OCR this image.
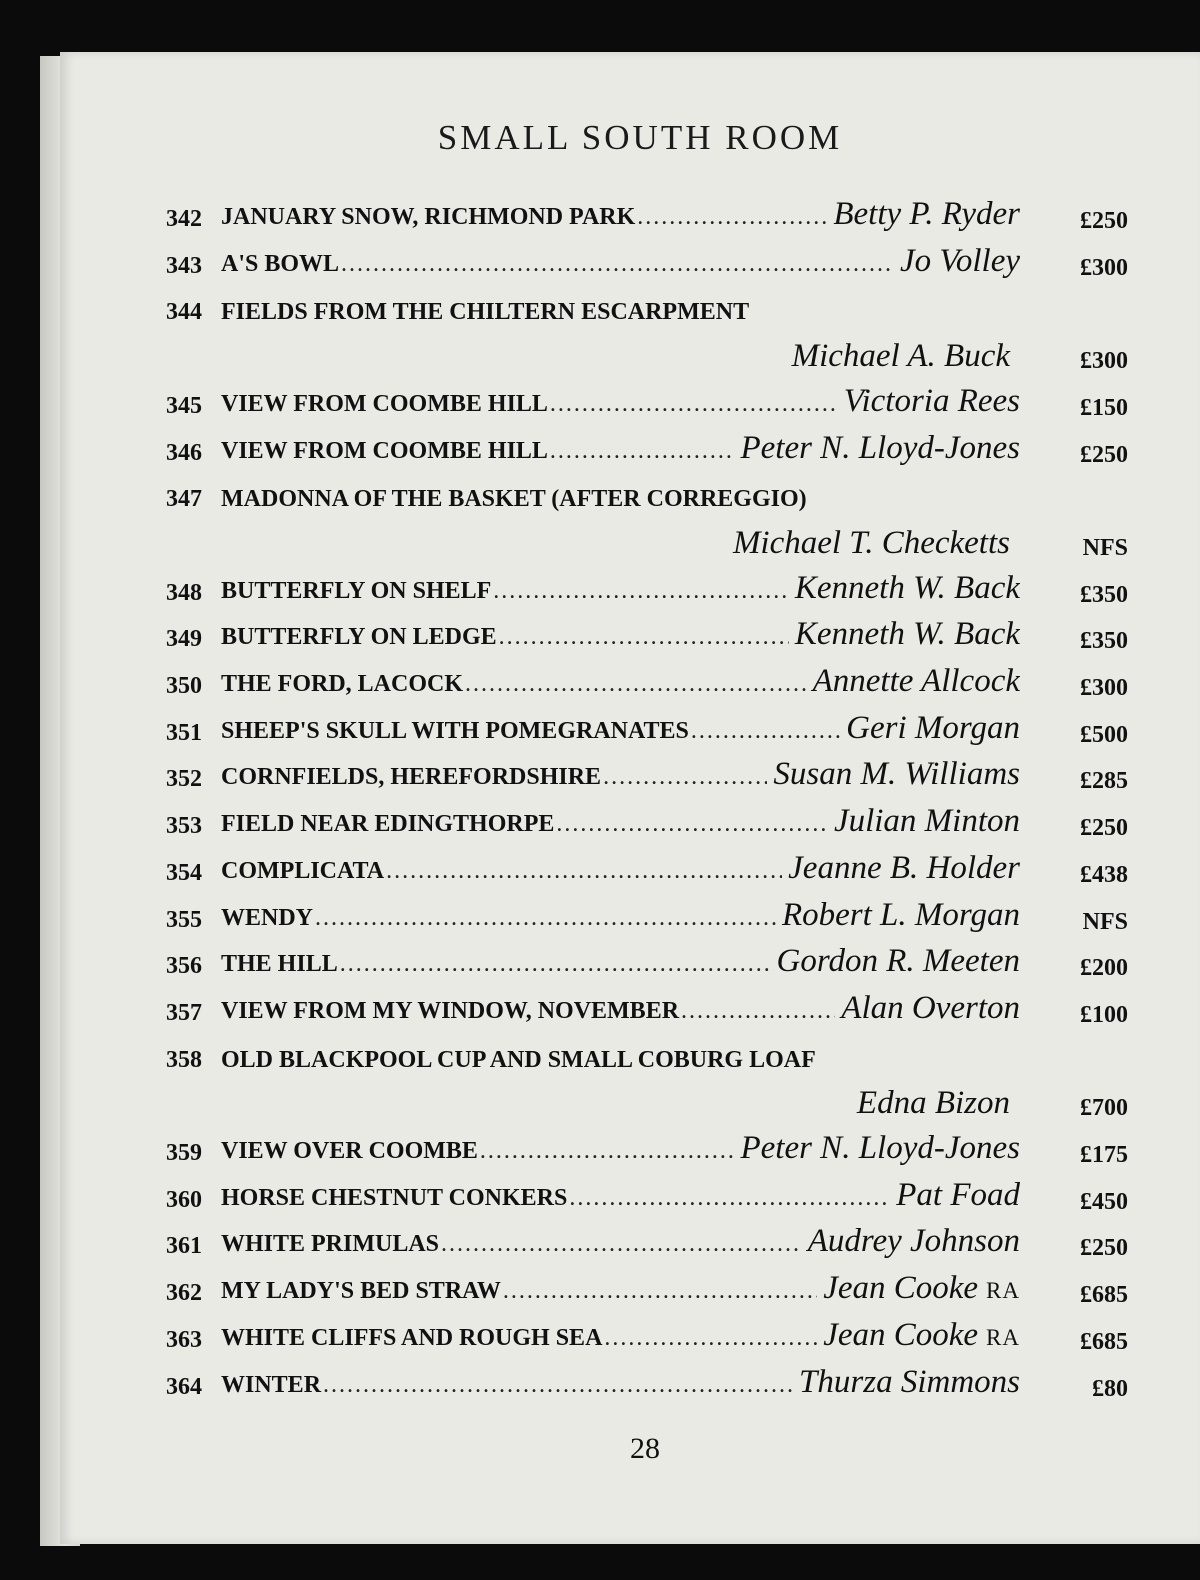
SMALL SOUTH ROOM
342 JANUARY SNOW, RICHMOND PARK .....	Betty P. Ryder	£250
343 A'S BOWL .....	Jo Volley	£300
344 FIELDS FROM THE CHILTERN ESCARPMENT
Michael A. Buck	£300
345 VIEW FROM COOMBE HILL .....	Victoria Rees	£150
346 VIEW FROM COOMBE HILL .....	Peter N. Lloyd-Jones	£250
347 MADONNA OF THE BASKET (AFTER CORREGGIO)
Michael T. Checketts	NFS
348 BUTTERFLY ON SHELF .....	Kenneth W. Back	£350
349 BUTTERFLY ON LEDGE .....	Kenneth W. Back	£350
350 THE FORD, LACOCK .....	Annette Allcock	£300
351 SHEEP'S SKULL WITH POMEGRANATES .....	Geri Morgan	£500
352 CORNFIELDS, HEREFORDSHIRE .....	Susan M. Williams	£285
353 FIELD NEAR EDINGTHORPE .....	Julian Minton	£250
354 COMPLICATA .....	Jeanne B. Holder	£438
355 WENDY .....	Robert L. Morgan	NFS
356 THE HILL .....	Gordon R. Meeten	£200
357 VIEW FROM MY WINDOW, NOVEMBER .....	Alan Overton	£100
358 OLD BLACKPOOL CUP AND SMALL COBURG LOAF
Edna Bizon	£700
359 VIEW OVER COOMBE .....	Peter N. Lloyd-Jones	£175
360 HORSE CHESTNUT CONKERS .....	Pat Foad	£450
361 WHITE PRIMULAS .....	Audrey Johnson	£250
362 MY LADY'S BED STRAW .....	Jean Cooke RA	£685
363 WHITE CLIFFS AND ROUGH SEA .....	Jean Cooke RA	£685
364 WINTER .....	Thurza Simmons	£80
28
